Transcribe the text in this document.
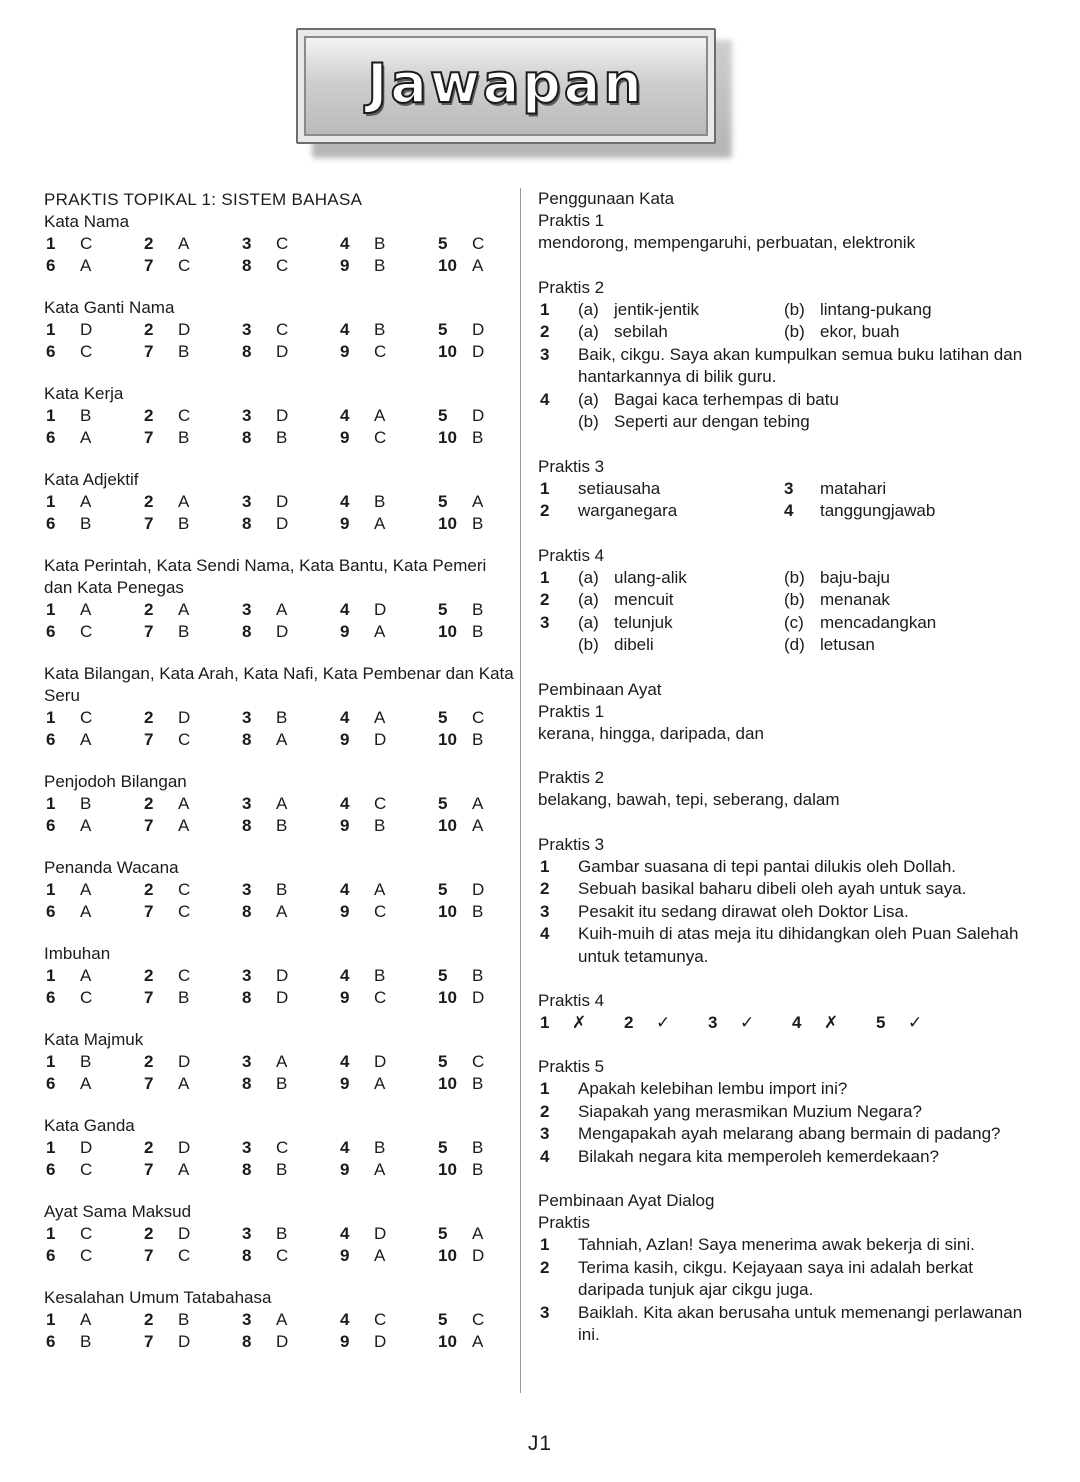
Jawapan
PRAKTIS TOPIKAL 1: SISTEM BAHASA
Kata Nama
1	C	2	A	3	C	4	B	5	C
6	A	7	C	8	C	9	B	10 A
Kata Ganti Nama
1	D	2	D	3	C	4	B	5	D
6	C	7	B	8	D	9	C	10 D
Kata Kerja
1	B	2	C	3	D	4	A	5	D
6	A	7	B	8	B	9	C	10 B
Kata Adjektif
1	A	2	A	3	D	4	B	5	A
6	B	7	B	8	D	9	A	10 B
Kata Perintah, Kata Sendi Nama, Kata Bantu, Kata Pemeri dan Kata Penegas
1	A	2	A	3	A	4	D	5	B
6	C	7	B	8	D	9	A	10 B
Kata Bilangan, Kata Arah, Kata Nafi, Kata Pembenar dan Kata Seru
1	C	2	D	3	B	4	A	5	C
6	A	7	C	8	A	9	D	10 B
Penjodoh Bilangan
1	B	2	A	3	A	4	C	5	A
6	A	7	A	8	B	9	B	10 A
Penanda Wacana
1	A	2	C	3	B	4	A	5	D
6	A	7	C	8	A	9	C	10 B
Imbuhan
1	A	2	C	3	D	4	B	5	B
6	C	7	B	8	D	9	C	10 D
Kata Majmuk
1	B	2	D	3	A	4	D	5	C
6	A	7	A	8	B	9	A	10 B
Kata Ganda
1	D	2	D	3	C	4	B	5	B
6	C	7	A	8	B	9	A	10 B
Ayat Sama Maksud
1	C	2	D	3	B	4	D	5	A
6	C	7	C	8	C	9	A	10 D
Kesalahan Umum Tatabahasa
1	A	2	B	3	A	4	C	5	C
6	B	7	D	8	D	9	D	10 A
Penggunaan Kata
Praktis 1
mendorong, mempengaruhi, perbuatan, elektronik
Praktis 2
1	(a) jentik-jentik	(b) lintang-pukang
2	(a) sebilah	(b) ekor, buah
3	Baik, cikgu. Saya akan kumpulkan semua buku latihan dan hantarkannya di bilik guru.
4	(a) Bagai kaca terhempas di batu
(b) Seperti aur dengan tebing
Praktis 3
1	setiausaha	3	matahari
2	warganegara	4	tanggungjawab
Praktis 4
1	(a) ulang-alik	(b) baju-baju
2	(a) mencuit	(b) menanak
3	(a) telunjuk	(c) mencadangkan
(b) dibeli	(d) letusan
Pembinaan Ayat
Praktis 1
kerana, hingga, daripada, dan
Praktis 2
belakang, bawah, tepi, seberang, dalam
Praktis 3
1	Gambar suasana di tepi pantai dilukis oleh Dollah.
2	Sebuah basikal baharu dibeli oleh ayah untuk saya.
3	Pesakit itu sedang dirawat oleh Doktor Lisa.
4	Kuih-muih di atas meja itu dihidangkan oleh Puan Salehah untuk tetamunya.
Praktis 4
1	✗ 2	✓ 3	✓ 4	✗ 5	✓
Praktis 5
1	Apakah kelebihan lembu import ini?
2	Siapakah yang merasmikan Muzium Negara?
3	Mengapakah ayah melarang abang bermain di padang?
4	Bilakah negara kita memperoleh kemerdekaan?
Pembinaan Ayat Dialog
Praktis
1	Tahniah, Azlan! Saya menerima awak bekerja di sini.
2	Terima kasih, cikgu. Kejayaan saya ini adalah berkat daripada tunjuk ajar cikgu juga.
3	Baiklah. Kita akan berusaha untuk memenangi perlawanan ini.
J1
